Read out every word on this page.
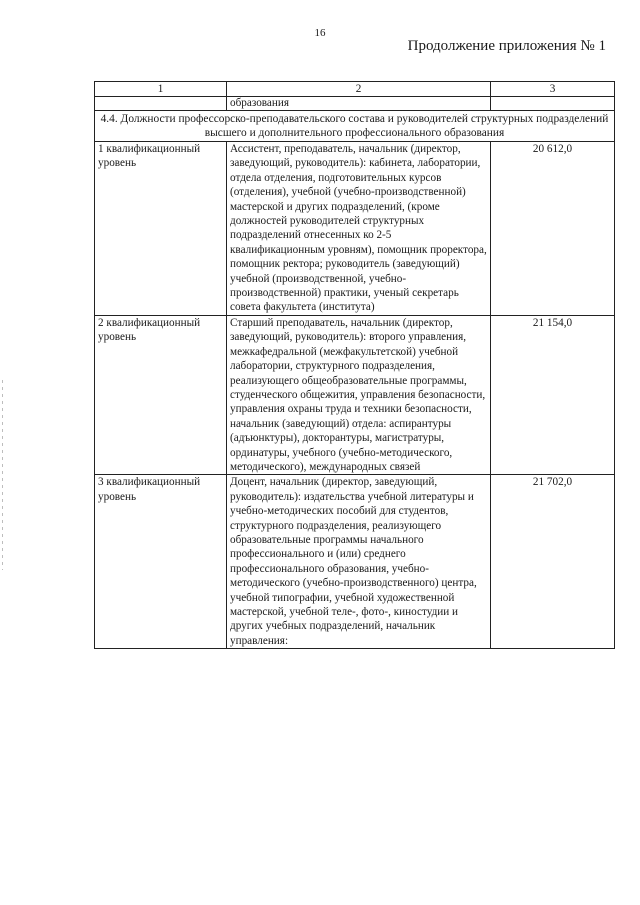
16
Продолжение приложения № 1
1	2	3
	образования	
4.4. Должности профессорско-преподавательского состава и руководителей структурных подразделений высшего и дополнительного профессионального образования		
1 квалификационный уровень	Ассистент, преподаватель, начальник (директор, заведующий, руководитель): кабинета, лаборатории, отдела отделения, подготовительных курсов (отделения), учебной (учебно-производственной) мастерской и других подразделений, (кроме должностей руководителей структурных подразделений отнесенных ко 2-5 квалификационным уровням), помощник проректора, помощник ректора; руководитель (заведующий) учебной (производственной, учебно-производственной) практики, ученый секретарь совета факультета (института)	20 612,0
2 квалификационный уровень	Старший преподаватель, начальник (директор, заведующий, руководитель): второго управления, межкафедральной (межфакультетской) учебной лаборатории, структурного подразделения, реализующего общеобразовательные программы, студенческого общежития, управления безопасности, управления охраны труда и техники безопасности, начальник (заведующий) отдела: аспирантуры (адъюнктуры), докторантуры, магистратуры, ординатуры, учебного (учебно-методического, методического), международных связей	21 154,0
3 квалификационный уровень	Доцент, начальник (директор, заведующий, руководитель): издательства учебной литературы и учебно-методических пособий для студентов, структурного подразделения, реализующего образовательные программы начального профессионального и (или) среднего профессионального образования, учебно-методического (учебно-производственного) центра, учебной типографии, учебной художественной мастерской, учебной теле-, фото-, киностудии и других учебных подразделений, начальник управления:	21 702,0
